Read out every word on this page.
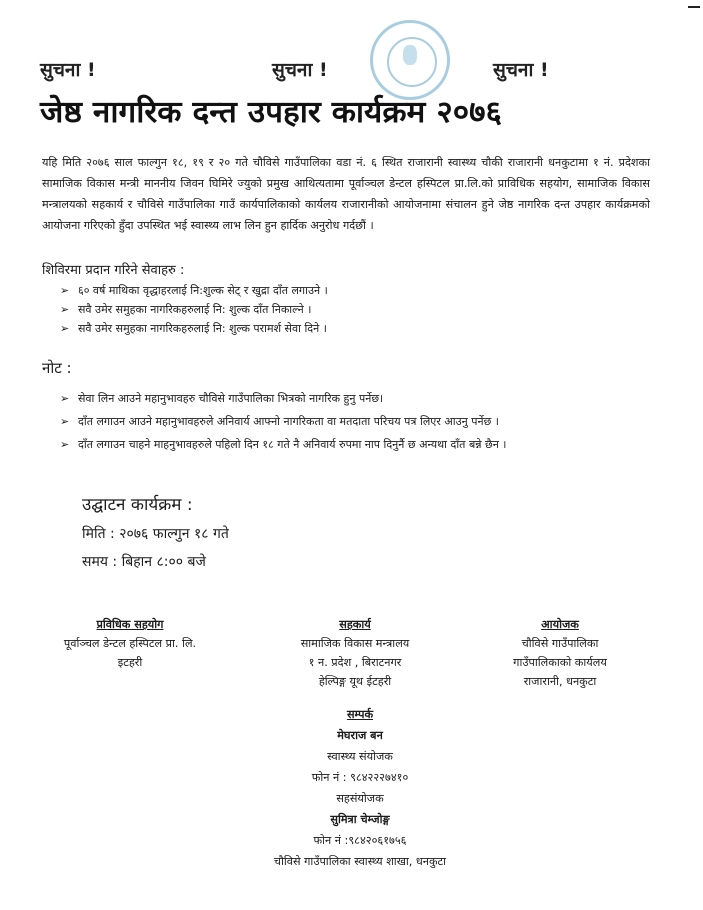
सुचना !	सुचना !	सुचना !
जेष्ठ नागरिक दन्त उपहार कार्यक्रम २०७६
यहि मिति २०७६ साल फाल्गुन १८, १९ र २० गते चौविसे गाउँपालिका वडा नं. ६ स्थित राजारानी स्वास्थ्य चौकी राजारानी धनकुटामा १ नं. प्रदेशका सामाजिक विकास मन्त्री माननीय जिवन घिमिरे ज्युको प्रमुख आथित्यतामा पूर्वाञ्चल डेन्टल हस्पिटल प्रा.लि.को प्राविधिक सहयोग, सामाजिक विकास मन्त्रालयको सहकार्य र चौविसे गाउँपालिका गाउँ कार्यपालिकाको कार्यलय राजारानीको आयोजनामा संचालन हुने जेष्ठ नागरिक दन्त उपहार कार्यक्रमको आयोजना गरिएको हुँदा उपस्थित भई स्वास्थ्य लाभ लिन हुन हार्दिक अनुरोध गर्दछौं ।
शिविरमा प्रदान गरिने सेवाहरु :
➢ ६० वर्ष माथिका वृद्धाहरलाई नि:शुल्क सेट् र खुद्रा दाँत लगाउने ।
➢ सवै उमेर समुहका नागरिकहरुलाई नि: शुल्क दाँत निकाल्ने ।
➢ सवै उमेर समुहका नागरिकहरुलाई नि: शुल्क परामर्श सेवा दिने ।
नोट :
➢ सेवा लिन आउने महानुभावहरु चौविसे गाउँपालिका भित्रको नागरिक हुनु पर्नेछ।
➢ दाँत लगाउन आउने महानुभावहरुले अनिवार्य आफ्नो नागरिकता वा मतदाता परिचय पत्र लिएर आउनु पर्नेछ ।
➢ दाँत लगाउन चाहने माहनुभावहरुले पहिलो दिन १८ गते नै अनिवार्य रुपमा नाप दिनुर्नै छ अन्यथा दाँत बन्ने छैन ।
उद्घाटन कार्यक्रम :
मिति : २०७६ फाल्गुन १८ गते
समय : बिहान ८:०० बजे
प्रविधिक सहयोग
पूर्वाञ्चल डेन्टल हस्पिटल प्रा. लि.
इटहरी
सहकार्य
सामाजिक विकास मन्त्रालय
१ न. प्रदेश , बिराटनगर
हेल्पिङ्ग यूथ ईटहरी
आयोजक
चौविसे गाउँपालिका
गाउँपालिकाको कार्यलय
राजारानी, धनकुटा
सम्पर्क
मेघराज बन
स्वास्थ्य संयोजक
फोन नं : ९८४२२२७४१०
सहसंयोजक
सुमित्रा चेम्जोङ्ग
फोन नं :९८४२०६१७५६
चौविसे गाउँपालिका स्वास्थ्य शाखा, धनकुटा
